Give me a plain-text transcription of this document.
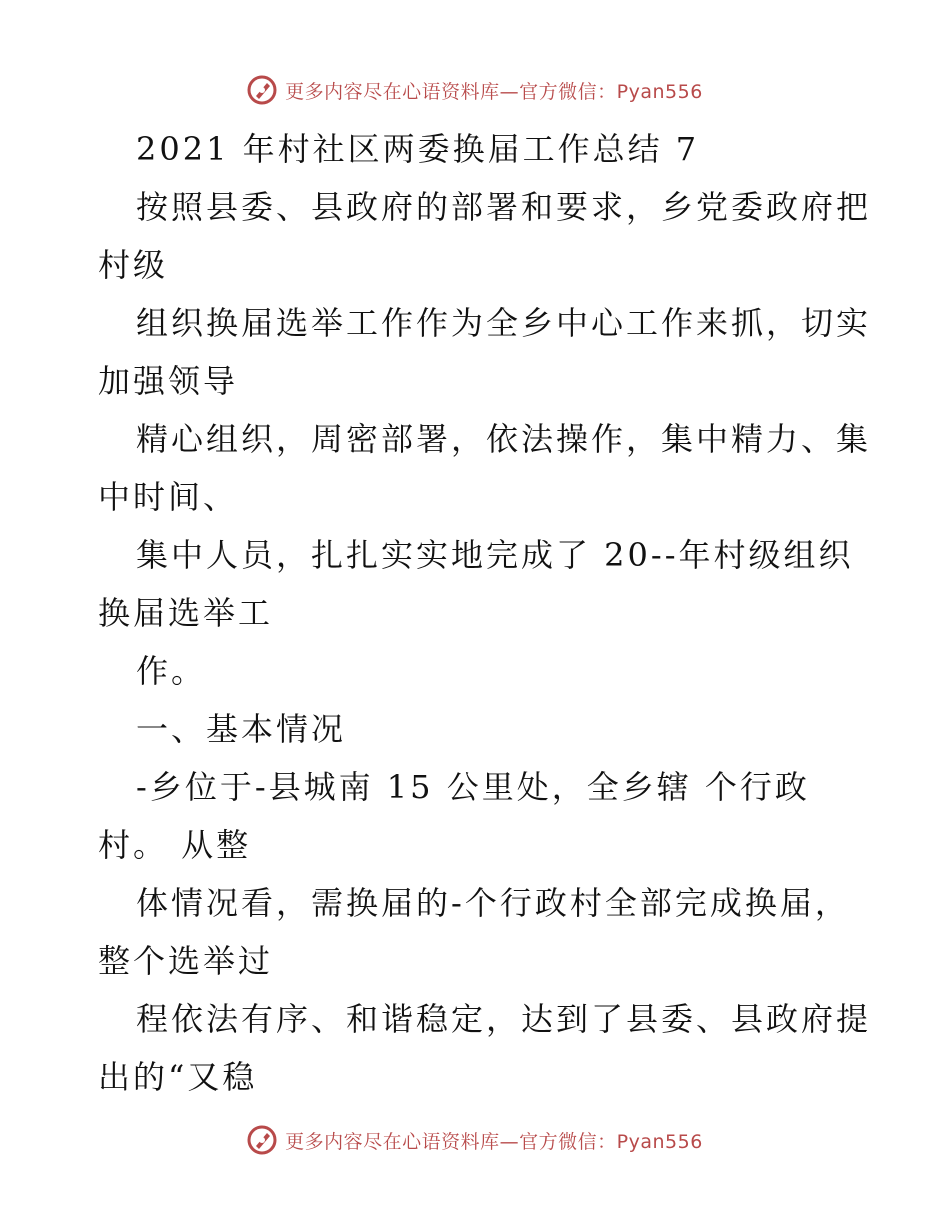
更多内容尽在心语资料库—官方微信：Pyan556
2021 年村社区两委换届工作总结 7
按照县委、县政府的部署和要求，乡党委政府把
村级
组织换届选举工作作为全乡中心工作来抓，切实
加强领导
精心组织，周密部署，依法操作，集中精力、集
中时间、
集中人员，扎扎实实地完成了 20--年村级组织
换届选举工
作。
一、基本情况
-乡位于-县城南 15 公里处，全乡辖 个行政
村。 从整
体情况看，需换届的-个行政村全部完成换届，
整个选举过
程依法有序、和谐稳定，达到了县委、县政府提
出的“又稳
更多内容尽在心语资料库—官方微信：Pyan556
